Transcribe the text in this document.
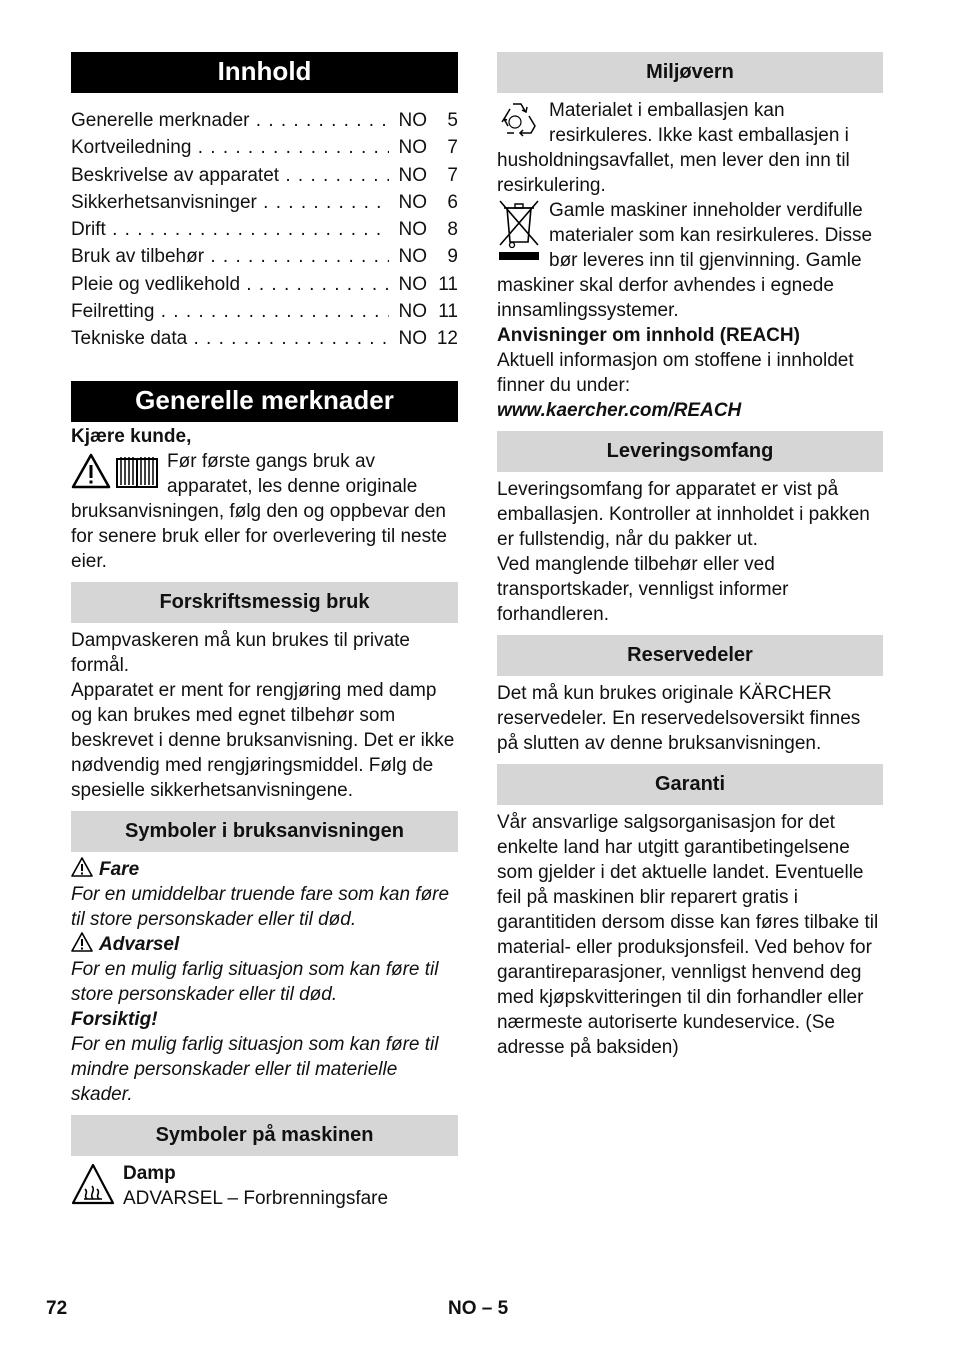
Innhold
Generelle merknader . . .	NO	5
Kortveiledning . . .	NO	7
Beskrivelse av apparatet . . .	NO	7
Sikkerhetsanvisninger . . .	NO	6
Drift . . .	NO	8
Bruk av tilbehør . . .	NO	9
Pleie og vedlikehold . . .	NO 11
Feilretting . . .	NO 11
Tekniske data . . .	NO 12
Generelle merknader

Kjære kunde,

Før første gangs bruk av apparatet, les denne originale bruksanvisningen, følg den og oppbevar den for senere bruk eller for overlevering til neste eier.

Forskriftsmessig bruk

Dampvaskeren må kun brukes til private formål.

Apparatet er ment for rengjøring med damp og kan brukes med egnet tilbehør som beskrevet i denne bruksanvisning. Det er ikke nødvendig med rengjøringsmiddel. Følg de spesielle sikkerhetsanvisningene.

Symboler i bruksanvisningen

Fare

For en umiddelbar truende fare som kan føre til store personskader eller til død.

Advarsel

For en mulig farlig situasjon som kan føre til store personskader eller til død.

Forsiktig!

For en mulig farlig situasjon som kan føre til mindre personskader eller til materielle skader.

Symboler på maskinen

Damp

ADVARSEL – Forbrenningsfare

Miljøvern

Materialet i emballasjen kan resirkuleres. Ikke kast emballasjen i husholdningsavfallet, men lever den inn til resirkulering.

Gamle maskiner inneholder verdifulle materialer som kan resirkuleres. Disse bør leveres inn til gjenvinning. Gamle maskiner skal derfor avhendes i egnede innsamlingssystemer.

Anvisninger om innhold (REACH)

Aktuell informasjon om stoffene i innholdet finner du under:

www.kaercher.com/REACH

Leveringsomfang

Leveringsomfang for apparatet er vist på emballasjen. Kontroller at innholdet i pakken er fullstendig, når du pakker ut.

Ved manglende tilbehør eller ved transportskader, vennligst informer forhandleren.

Reservedeler

Det må kun brukes originale KÄRCHER reservedeler. En reservedelsoversikt finnes på slutten av denne bruksanvisningen.

Garanti

Vår ansvarlige salgsorganisasjon for det enkelte land har utgitt garantibetingelsene som gjelder i det aktuelle landet. Eventuelle feil på maskinen blir reparert gratis i garantitiden dersom disse kan føres tilbake til material- eller produksjonsfeil. Ved behov for garantireparasjoner, vennligst henvend deg med kjøpskvitteringen til din forhandler eller nærmeste autoriserte kundeservice. (Se adresse på baksiden)

72	NO – 5
